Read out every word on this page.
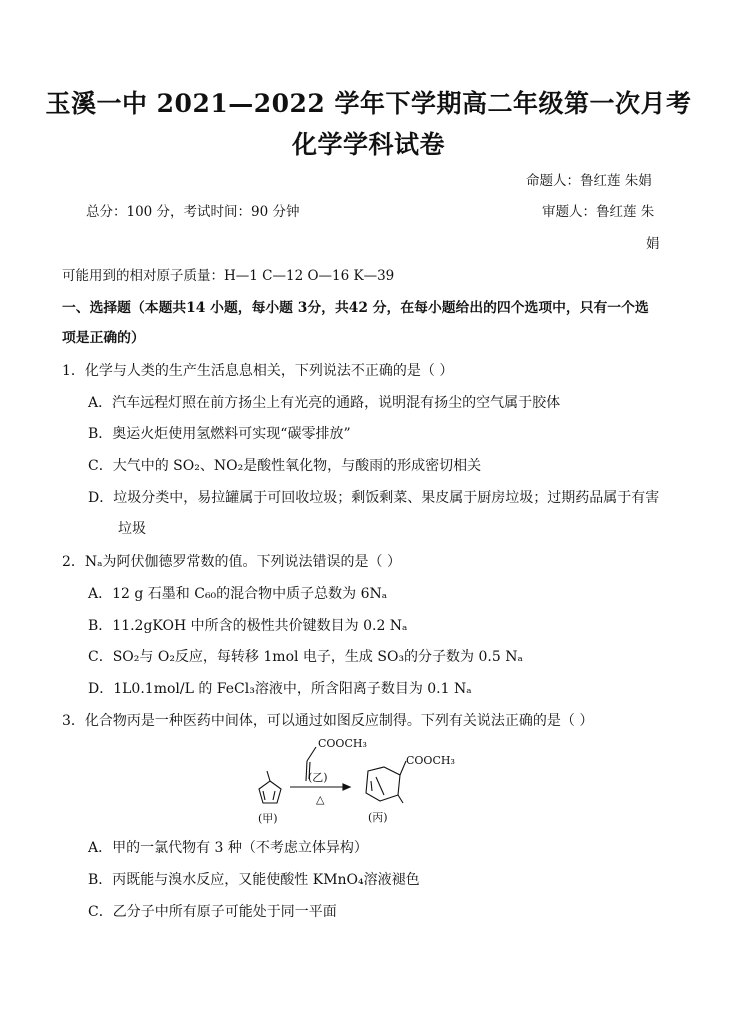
玉溪一中 2021—2022 学年下学期高二年级第一次月考
化学学科试卷
命题人：鲁红莲 朱娟
总分：100 分，考试时间：90 分钟	审题人：鲁红莲 朱
娟
可能用到的相对原子质量：H—1 C—12 O—16 K—39
一、选择题（本题共14 小题，每小题 3分，共42 分，在每小题给出的四个选项中，只有一个选
项是正确的）
1．化学与人类的生产生活息息相关，下列说法不正确的是（ ）
A．汽车远程灯照在前方扬尘上有光亮的通路，说明混有扬尘的空气属于胶体
B．奥运火炬使用氢燃料可实现“碳零排放”
C．大气中的 SO₂、NO₂是酸性氧化物，与酸雨的形成密切相关
D．垃圾分类中，易拉罐属于可回收垃圾；剩饭剩菜、果皮属于厨房垃圾；过期药品属于有害
垃圾
2．Nₐ为阿伏伽德罗常数的值。下列说法错误的是（ ）
A．12 g 石墨和 C₆₀的混合物中质子总数为 6Nₐ
B．11.2gKOH 中所含的极性共价键数目为 0.2 Nₐ
C．SO₂与 O₂反应，每转移 1mol 电子，生成 SO₃的分子数为 0.5 Nₐ
D．1L0.1mol/L 的 FeCl₃溶液中，所含阳离子数目为 0.1 Nₐ
3．化合物丙是一种医药中间体，可以通过如图反应制得。下列有关说法正确的是（ ）
COOCH₃
(乙)
△
(甲)
COOCH₃
(丙)
A．甲的一氯代物有 3 种（不考虑立体异构）
B．丙既能与溴水反应，又能使酸性 KMnO₄溶液褪色
C．乙分子中所有原子可能处于同一平面
